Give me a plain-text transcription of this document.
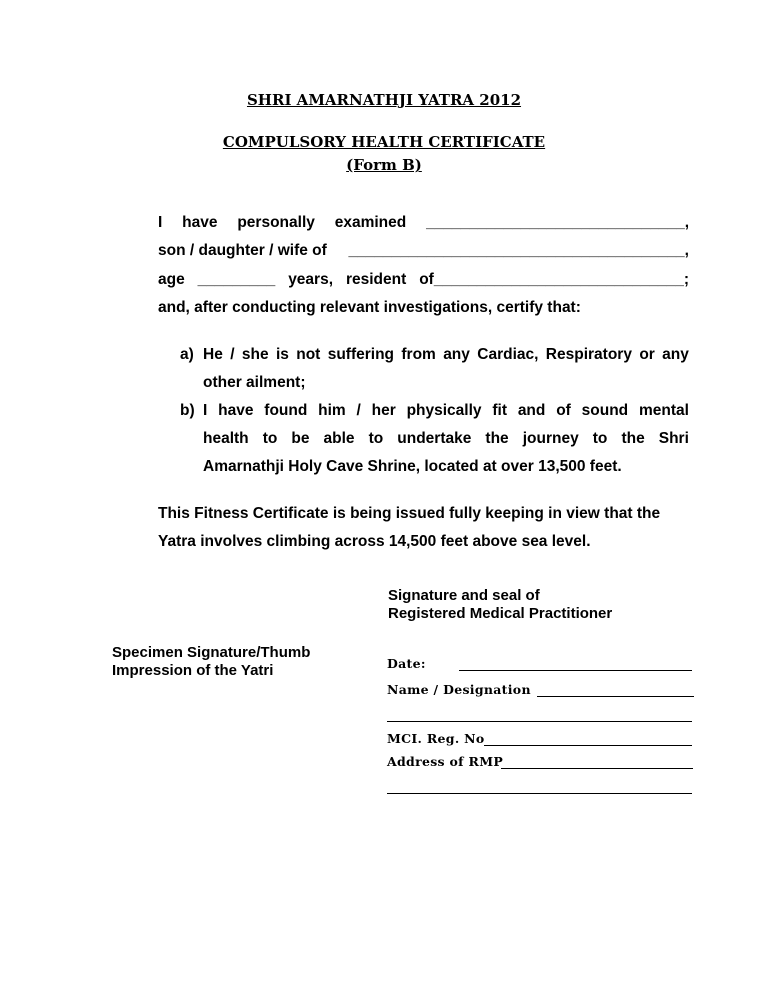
SHRI AMARNATHJI YATRA 2012
COMPULSORY HEALTH CERTIFICATE
(Form B)
I have personally examined ______________________________,
son / daughter / wife of _______________________________________,
age _________ years, resident of_____________________________;
and, after conducting relevant investigations, certify that:
a) He / she is not suffering from any Cardiac, Respiratory or any
other ailment;
b) I have found him / her physically fit and of sound mental
health to be able to undertake the journey to the Shri
Amarnathji Holy Cave Shrine, located at over 13,500 feet.
This Fitness Certificate is being issued fully keeping in view that the
Yatra involves climbing across 14,500 feet above sea level.
Signature and seal of
Registered Medical Practitioner
Specimen Signature/Thumb
Impression of the Yatri	Date:
Name / Designation
MCI. Reg. No
Address of RMP
